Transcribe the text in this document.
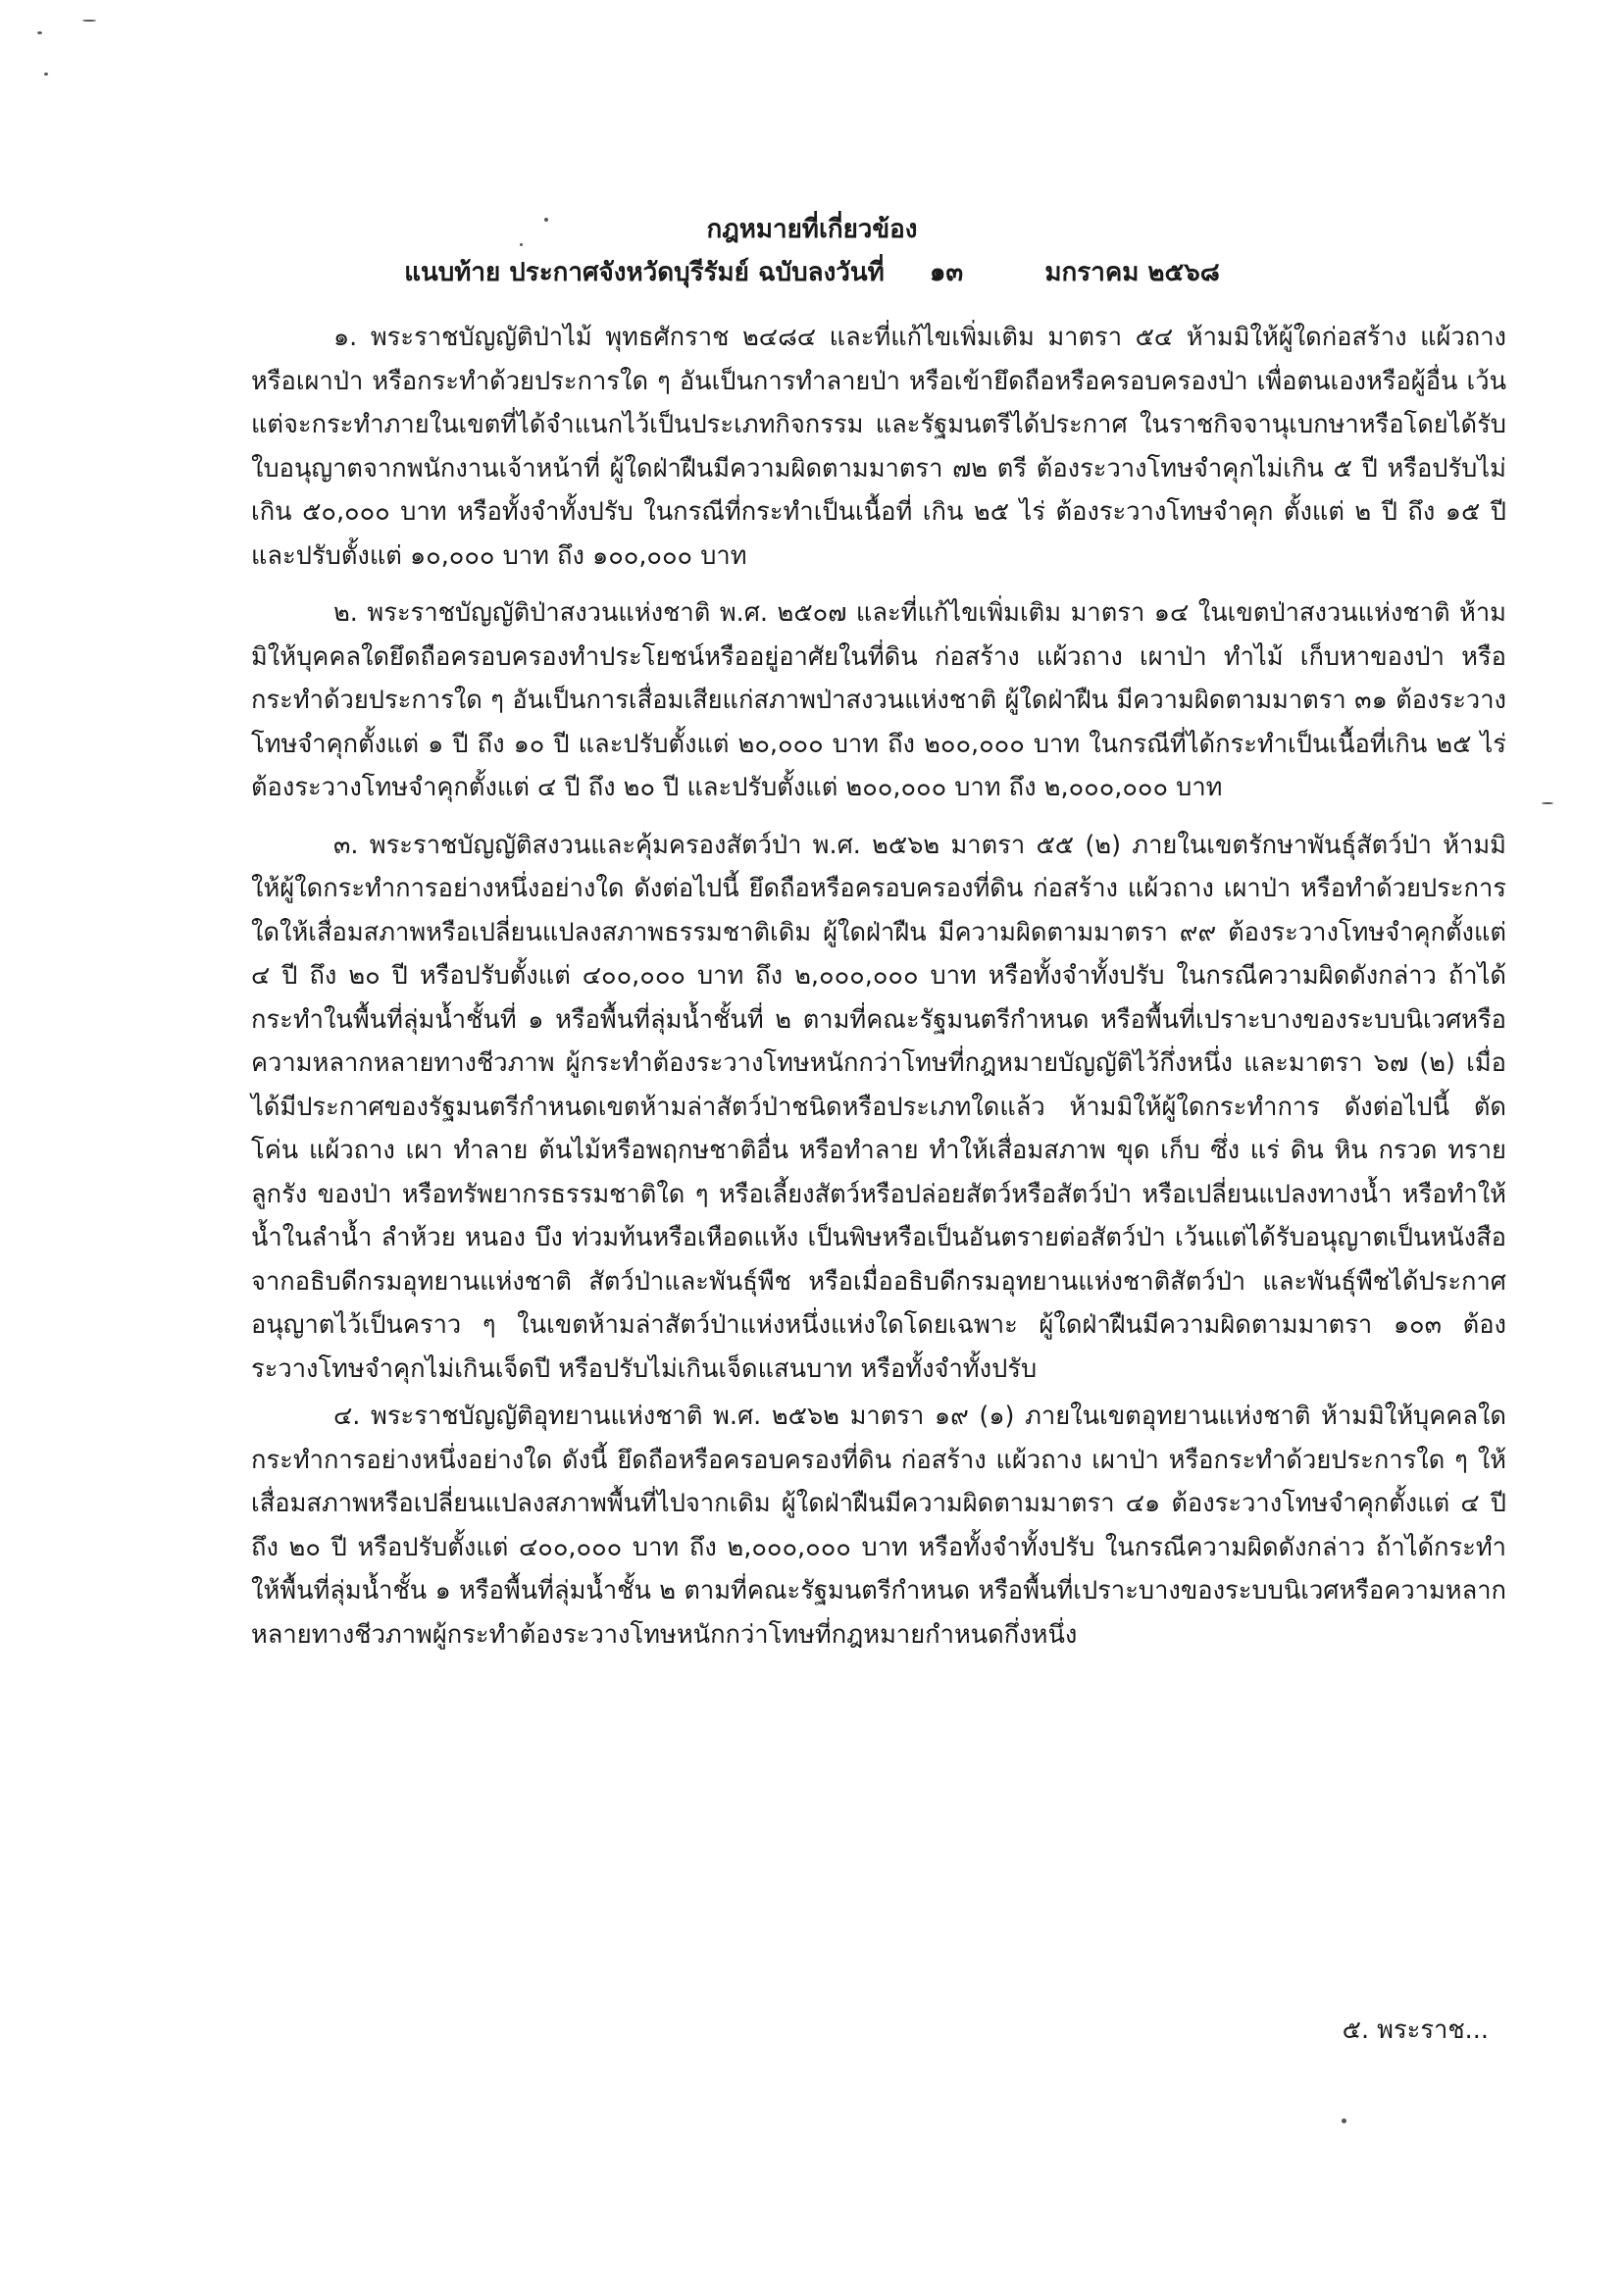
กฎหมายที่เกี่ยวข้อง
แนบท้าย ประกาศจังหวัดบุรีรัมย์ ฉบับลงวันที่ ๑๓	มกราคม ๒๕๖๘

๑. พระราชบัญญัติป่าไม้ พุทธศักราช ๒๔๘๔ และที่แก้ไขเพิ่มเติม มาตรา ๕๔ ห้ามมิให้ผู้ใดก่อสร้าง แผ้วถาง หรือเผาป่า หรือกระทำด้วยประการใด ๆ อันเป็นการทำลายป่า หรือเข้ายึดถือหรือครอบครองป่า เพื่อตนเองหรือผู้อื่น เว้นแต่จะกระทำภายในเขตที่ได้จำแนกไว้เป็นประเภทกิจกรรม และรัฐมนตรีได้ประกาศ ในราชกิจจานุเบกษาหรือโดยได้รับใบอนุญาตจากพนักงานเจ้าหน้าที่ ผู้ใดฝ่าฝืนมีความผิดตามมาตรา ๗๒ ตรี ต้องระวางโทษจำคุกไม่เกิน ๕ ปี หรือปรับไม่เกิน ๕๐,๐๐๐ บาท หรือทั้งจำทั้งปรับ ในกรณีที่กระทำเป็นเนื้อที่ เกิน ๒๕ ไร่ ต้องระวางโทษจำคุก ตั้งแต่ ๒ ปี ถึง ๑๕ ปี และปรับตั้งแต่ ๑๐,๐๐๐ บาท ถึง ๑๐๐,๐๐๐ บาท

๒. พระราชบัญญัติป่าสงวนแห่งชาติ พ.ศ. ๒๕๐๗ และที่แก้ไขเพิ่มเติม มาตรา ๑๔ ในเขตป่าสงวนแห่งชาติ ห้ามมิให้บุคคลใดยึดถือครอบครองทำประโยชน์หรืออยู่อาศัยในที่ดิน ก่อสร้าง แผ้วถาง เผาป่า ทำไม้ เก็บหาของป่า หรือกระทำด้วยประการใด ๆ อันเป็นการเสื่อมเสียแก่สภาพป่าสงวนแห่งชาติ ผู้ใดฝ่าฝืน มีความผิดตามมาตรา ๓๑ ต้องระวางโทษจำคุกตั้งแต่ ๑ ปี ถึง ๑๐ ปี และปรับตั้งแต่ ๒๐,๐๐๐ บาท ถึง ๒๐๐,๐๐๐ บาท ในกรณีที่ได้กระทำเป็นเนื้อที่เกิน ๒๕ ไร่ ต้องระวางโทษจำคุกตั้งแต่ ๔ ปี ถึง ๒๐ ปี และปรับตั้งแต่ ๒๐๐,๐๐๐ บาท ถึง ๒,๐๐๐,๐๐๐ บาท

๓. พระราชบัญญัติสงวนและคุ้มครองสัตว์ป่า พ.ศ. ๒๕๖๒ มาตรา ๕๕ (๒) ภายในเขตรักษาพันธุ์สัตว์ป่า ห้ามมิให้ผู้ใดกระทำการอย่างหนึ่งอย่างใด ดังต่อไปนี้ ยึดถือหรือครอบครองที่ดิน ก่อสร้าง แผ้วถาง เผาป่า หรือทำด้วยประการใดให้เสื่อมสภาพหรือเปลี่ยนแปลงสภาพธรรมชาติเดิม ผู้ใดฝ่าฝืน มีความผิดตามมาตรา ๙๙ ต้องระวางโทษจำคุกตั้งแต่ ๔ ปี ถึง ๒๐ ปี หรือปรับตั้งแต่ ๔๐๐,๐๐๐ บาท ถึง ๒,๐๐๐,๐๐๐ บาท หรือทั้งจำทั้งปรับ ในกรณีความผิดดังกล่าว ถ้าได้กระทำในพื้นที่ลุ่มน้ำชั้นที่ ๑ หรือพื้นที่ลุ่มน้ำชั้นที่ ๒ ตามที่คณะรัฐมนตรีกำหนด หรือพื้นที่เปราะบางของระบบนิเวศหรือความหลากหลายทางชีวภาพ ผู้กระทำต้องระวางโทษหนักกว่าโทษที่กฎหมายบัญญัติไว้กึ่งหนึ่ง และมาตรา ๖๗ (๒) เมื่อได้มีประกาศของรัฐมนตรีกำหนดเขตห้ามล่าสัตว์ป่าชนิดหรือประเภทใดแล้ว ห้ามมิให้ผู้ใดกระทำการ ดังต่อไปนี้ ตัด โค่น แผ้วถาง เผา ทำลาย ต้นไม้หรือพฤกษชาติอื่น หรือทำลาย ทำให้เสื่อมสภาพ ขุด เก็บ ซึ่ง แร่ ดิน หิน กรวด ทราย ลูกรัง ของป่า หรือทรัพยากรธรรมชาติใด ๆ หรือเลี้ยงสัตว์หรือปล่อยสัตว์หรือสัตว์ป่า หรือเปลี่ยนแปลงทางน้ำ หรือทำให้น้ำในลำน้ำ ลำห้วย หนอง บึง ท่วมท้นหรือเหือดแห้ง เป็นพิษหรือเป็นอันตรายต่อสัตว์ป่า เว้นแต่ได้รับอนุญาตเป็นหนังสือจากอธิบดีกรมอุทยานแห่งชาติ สัตว์ป่าและพันธุ์พืช หรือเมื่ออธิบดีกรมอุทยานแห่งชาติสัตว์ป่า และพันธุ์พืชได้ประกาศอนุญาตไว้เป็นคราว ๆ ในเขตห้ามล่าสัตว์ป่าแห่งหนึ่งแห่งใดโดยเฉพาะ ผู้ใดฝ่าฝืนมีความผิดตามมาตรา ๑๐๓ ต้องระวางโทษจำคุกไม่เกินเจ็ดปี หรือปรับไม่เกินเจ็ดแสนบาท หรือทั้งจำทั้งปรับ

๔. พระราชบัญญัติอุทยานแห่งชาติ พ.ศ. ๒๕๖๒ มาตรา ๑๙ (๑) ภายในเขตอุทยานแห่งชาติ ห้ามมิให้บุคคลใดกระทำการอย่างหนึ่งอย่างใด ดังนี้ ยึดถือหรือครอบครองที่ดิน ก่อสร้าง แผ้วถาง เผาป่า หรือกระทำด้วยประการใด ๆ ให้เสื่อมสภาพหรือเปลี่ยนแปลงสภาพพื้นที่ไปจากเดิม ผู้ใดฝ่าฝืนมีความผิดตามมาตรา ๔๑ ต้องระวางโทษจำคุกตั้งแต่ ๔ ปี ถึง ๒๐ ปี หรือปรับตั้งแต่ ๔๐๐,๐๐๐ บาท ถึง ๒,๐๐๐,๐๐๐ บาท หรือทั้งจำทั้งปรับ ในกรณีความผิดดังกล่าว ถ้าได้กระทำให้พื้นที่ลุ่มน้ำชั้น ๑ หรือพื้นที่ลุ่มน้ำชั้น ๒ ตามที่คณะรัฐมนตรีกำหนด หรือพื้นที่เปราะบางของระบบนิเวศหรือความหลากหลายทางชีวภาพผู้กระทำต้องระวางโทษหนักกว่าโทษที่กฎหมายกำหนดกึ่งหนึ่ง

๕. พระราช...
